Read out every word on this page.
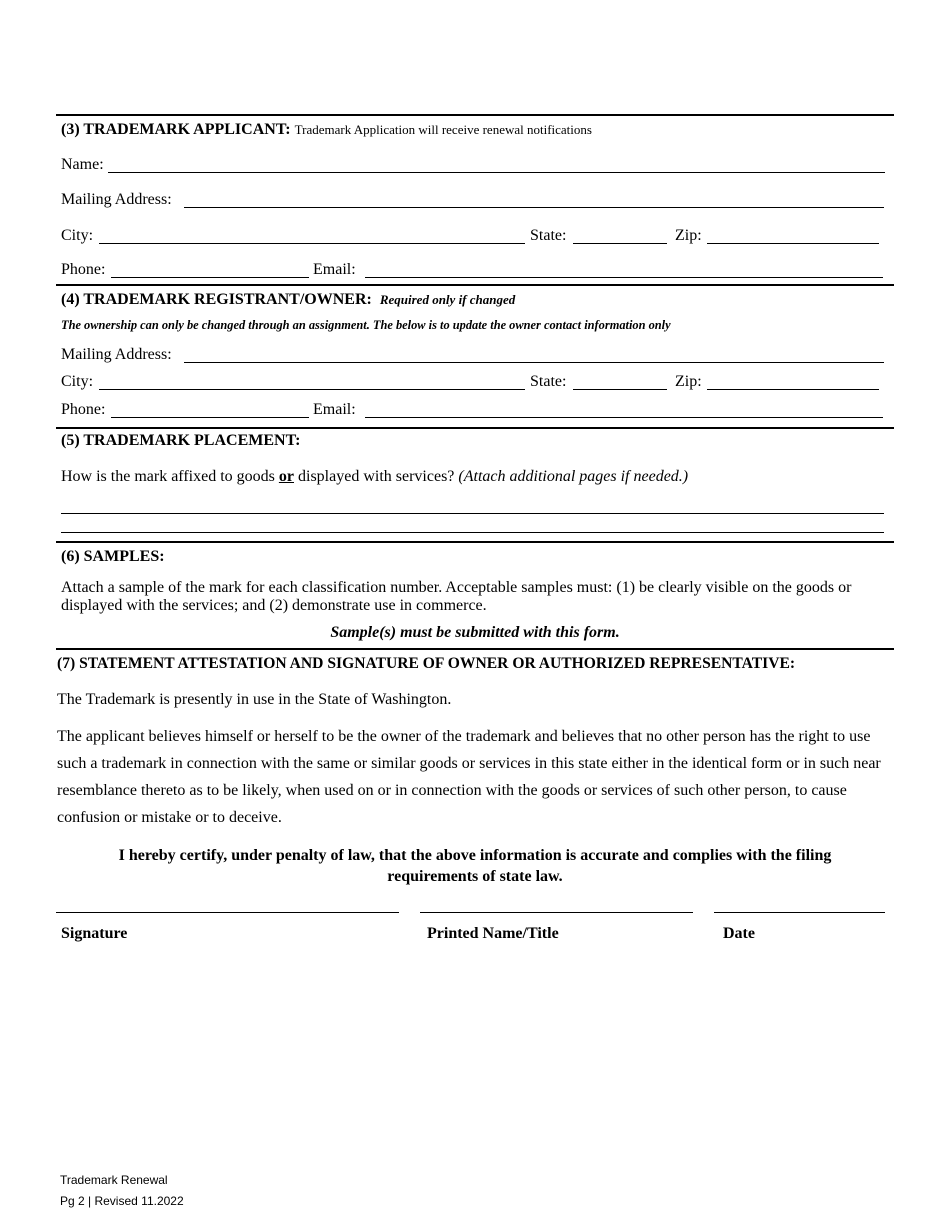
(3) TRADEMARK APPLICANT: Trademark Application will receive renewal notifications
Name:
Mailing Address:
City:	State:	Zip:
Phone:	Email:
(4) TRADEMARK REGISTRANT/OWNER: Required only if changed
The ownership can only be changed through an assignment. The below is to update the owner contact information only
Mailing Address:
City:	State:	Zip:
Phone:	Email:
(5) TRADEMARK PLACEMENT:
How is the mark affixed to goods or displayed with services? (Attach additional pages if needed.)
(6) SAMPLES:
Attach a sample of the mark for each classification number. Acceptable samples must: (1) be clearly visible on the goods or displayed with the services; and (2) demonstrate use in commerce.
Sample(s) must be submitted with this form.
(7) STATEMENT ATTESTATION AND SIGNATURE OF OWNER OR AUTHORIZED REPRESENTATIVE:
The Trademark is presently in use in the State of Washington.
The applicant believes himself or herself to be the owner of the trademark and believes that no other person has the right to use such a trademark in connection with the same or similar goods or services in this state either in the identical form or in such near resemblance thereto as to be likely, when used on or in connection with the goods or services of such other person, to cause confusion or mistake or to deceive.
I hereby certify, under penalty of law, that the above information is accurate and complies with the filing requirements of state law.
Signature	Printed Name/Title	Date
Trademark Renewal
Pg 2 | Revised 11.2022
